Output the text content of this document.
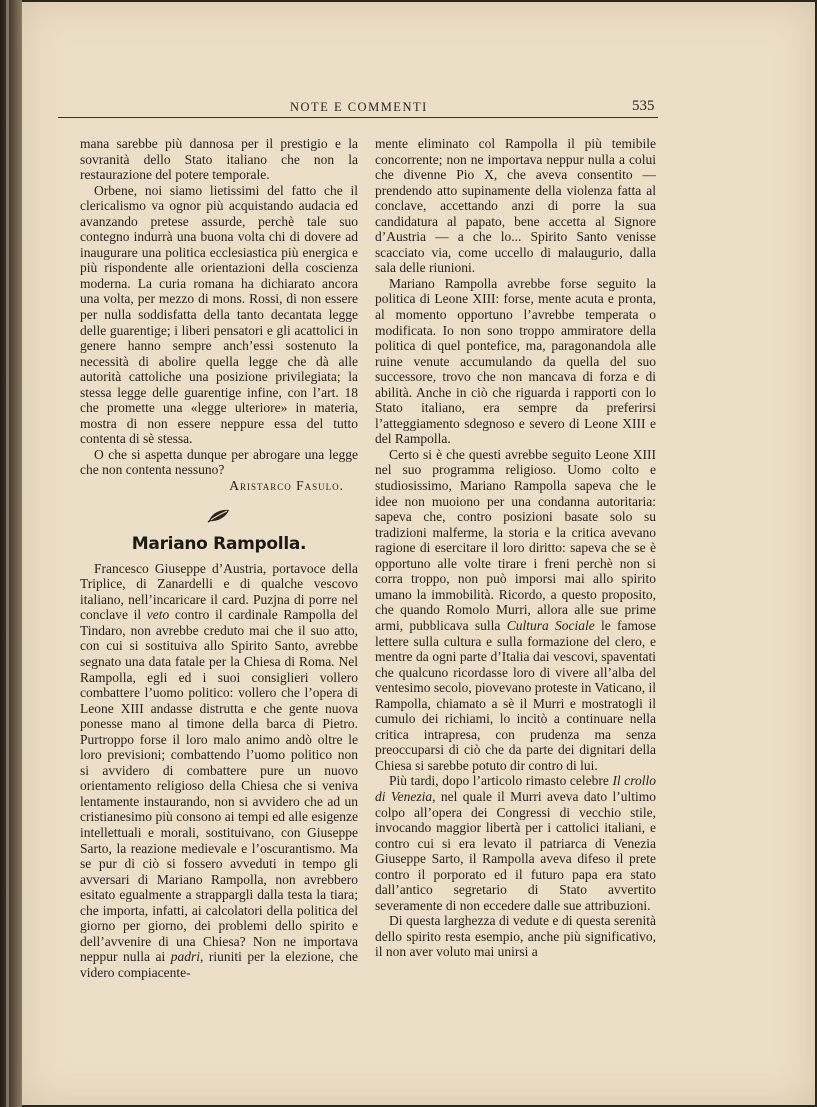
NOTE E COMMENTI	535

mana sarebbe più dannosa per il prestigio e la sovranità dello Stato italiano che non la restaurazione del potere temporale.

Orbene, noi siamo lietissimi del fatto che il clericalismo va ognor più acquistando audacia ed avanzando pretese assurde, perchè tale suo contegno indurrà una buona volta chi di dovere ad inaugurare una politica ecclesiastica più energica e più rispondente alle orientazioni della coscienza moderna. La curia romana ha dichiarato ancora una volta, per mezzo di mons. Rossi, di non essere per nulla soddisfatta della tanto decantata legge delle guarentige; i liberi pensatori e gli acattolici in genere hanno sempre anch’essi sostenuto la necessità di abolire quella legge che dà alle autorità cattoliche una posizione privilegiata; la stessa legge delle guarentige infine, con l’art. 18 che promette una «legge ulteriore» in materia, mostra di non essere neppure essa del tutto contenta di sè stessa.

O che si aspetta dunque per abrogare una legge che non contenta nessuno?

Aristarco Fasulo.

Mariano Rampolla.

Francesco Giuseppe d’Austria, portavoce della Triplice, di Zanardelli e di qualche vescovo italiano, nell’incaricare il card. Puzjna di porre nel conclave il veto contro il cardinale Rampolla del Tindaro, non avrebbe creduto mai che il suo atto, con cui si sostituiva allo Spirito Santo, avrebbe segnato una data fatale per la Chiesa di Roma. Nel Rampolla, egli ed i suoi consiglieri vollero combattere l’uomo politico: vollero che l’opera di Leone XIII andasse distrutta e che gente nuova ponesse mano al timone della barca di Pietro. Purtroppo forse il loro malo animo andò oltre le loro previsioni; combattendo l’uomo politico non si avvidero di combattere pure un nuovo orientamento religioso della Chiesa che si veniva lentamente instaurando, non si avvidero che ad un cristianesimo più consono ai tempi ed alle esigenze intellettuali e morali, sostituivano, con Giuseppe Sarto, la reazione medievale e l’oscurantismo. Ma se pur di ciò si fossero avveduti in tempo gli avversari di Mariano Rampolla, non avrebbero esitato egualmente a strappargli dalla testa la tiara; che importa, infatti, ai calcolatori della politica del giorno per giorno, dei problemi dello spirito e dell’avvenire di una Chiesa? Non ne importava neppur nulla ai padri, riuniti per la elezione, che videro compiacente-

mente eliminato col Rampolla il più temibile concorrente; non ne importava neppur nulla a colui che divenne Pio X, che aveva consentito — prendendo atto supinamente della violenza fatta al conclave, accettando anzi di porre la sua candidatura al papato, bene accetta al Signore d’Austria — a che lo... Spirito Santo venisse scacciato via, come uccello di malaugurio, dalla sala delle riunioni.

Mariano Rampolla avrebbe forse seguito la politica di Leone XIII: forse, mente acuta e pronta, al momento opportuno l’avrebbe temperata o modificata. Io non sono troppo ammiratore della politica di quel pontefice, ma, paragonandola alle ruine venute accumulando da quella del suo successore, trovo che non mancava di forza e di abilità. Anche in ciò che riguarda i rapporti con lo Stato italiano, era sempre da preferirsi l’atteggiamento sdegnoso e severo di Leone XIII e del Rampolla.

Certo si è che questi avrebbe seguito Leone XIII nel suo programma religioso. Uomo colto e studiosissimo, Mariano Rampolla sapeva che le idee non muoiono per una condanna autoritaria: sapeva che, contro posizioni basate solo su tradizioni malferme, la storia e la critica avevano ragione di esercitare il loro diritto: sapeva che se è opportuno alle volte tirare i freni perchè non si corra troppo, non può imporsi mai allo spirito umano la immobilità. Ricordo, a questo proposito, che quando Romolo Murri, allora alle sue prime armi, pubblicava sulla Cultura Sociale le famose lettere sulla cultura e sulla formazione del clero, e mentre da ogni parte d’Italia dai vescovi, spaventati che qualcuno ricordasse loro di vivere all’alba del ventesimo secolo, piovevano proteste in Vaticano, il Rampolla, chiamato a sè il Murri e mostratogli il cumulo dei richiami, lo incitò a continuare nella critica intrapresa, con prudenza ma senza preoccuparsi di ciò che da parte dei dignitari della Chiesa si sarebbe potuto dir contro di lui.

Più tardi, dopo l’articolo rimasto celebre Il crollo di Venezia, nel quale il Murri aveva dato l’ultimo colpo all’opera dei Congressi di vecchio stile, invocando maggior libertà per i cattolici italiani, e contro cui si era levato il patriarca di Venezia Giuseppe Sarto, il Rampolla aveva difeso il prete contro il porporato ed il futuro papa era stato dall’antico segretario di Stato avvertito severamente di non eccedere dalle sue attribuzioni.

Di questa larghezza di vedute e di questa serenità dello spirito resta esempio, anche più significativo, il non aver voluto mai unirsi a
